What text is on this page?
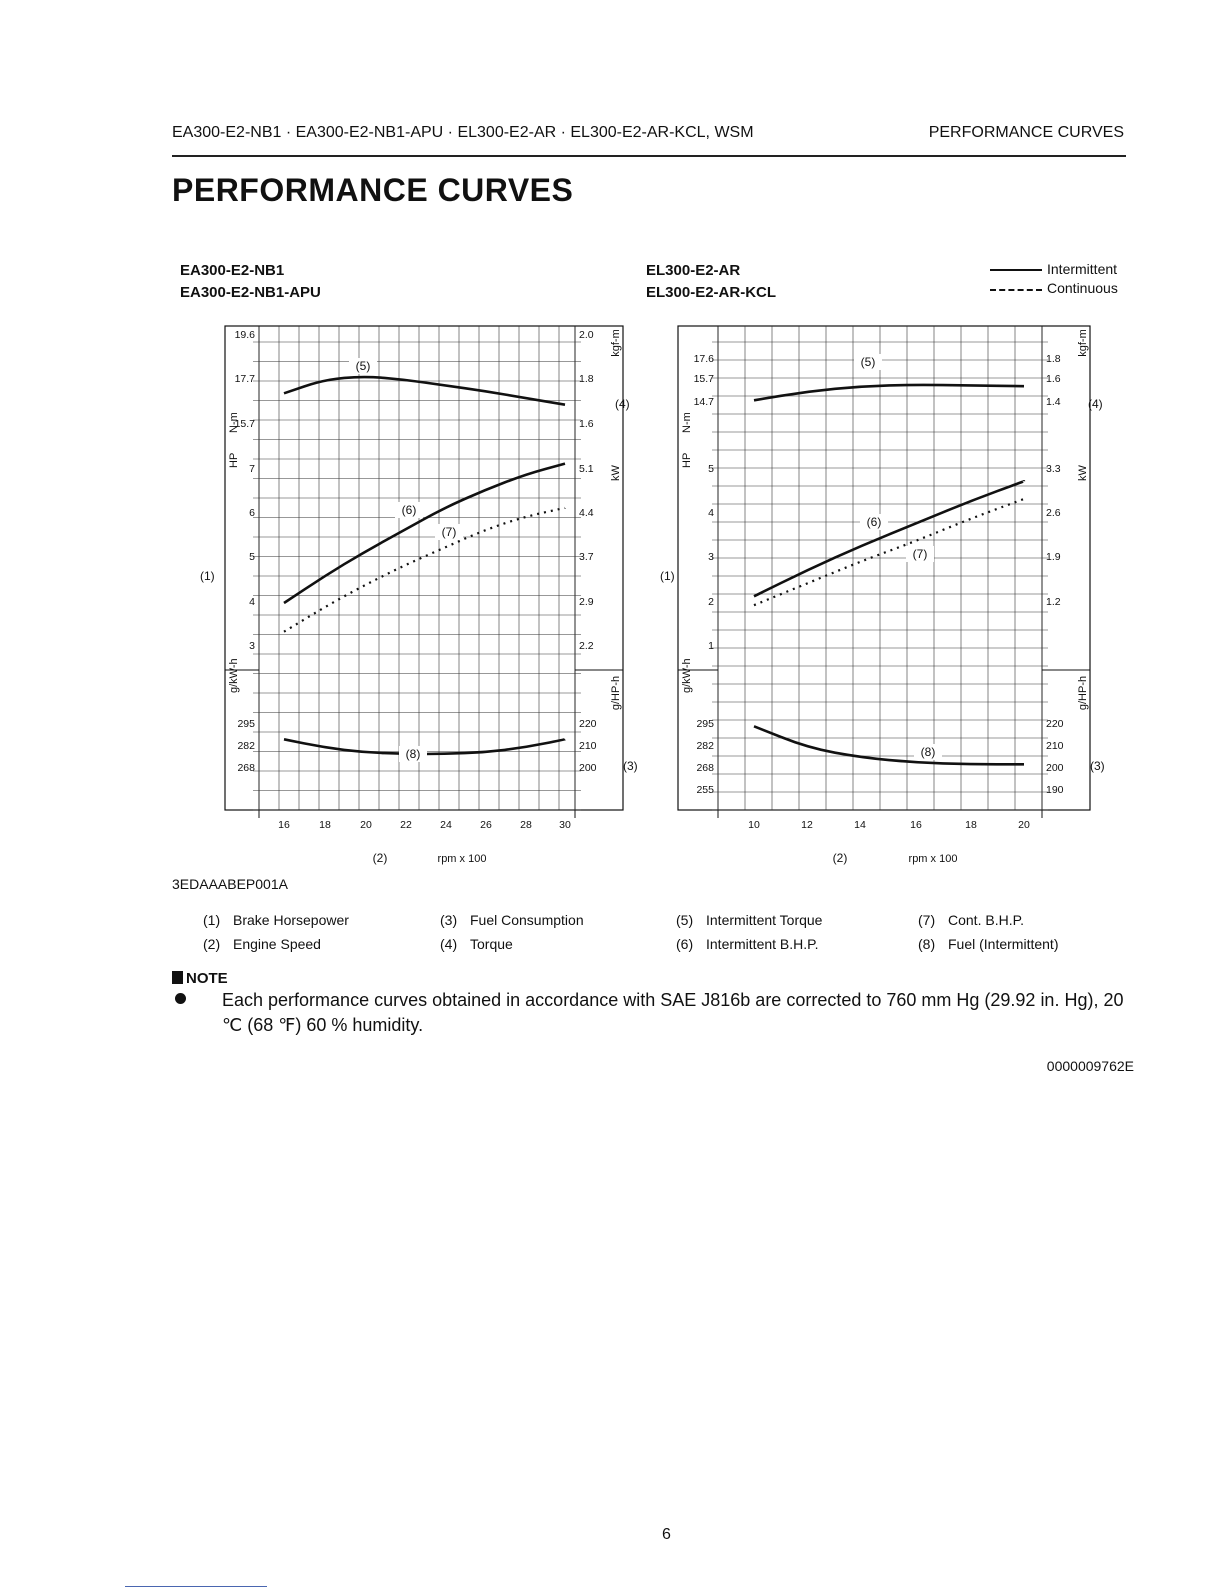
EA300-E2-NB1 · EA300-E2-NB1-APU · EL300-E2-AR · EL300-E2-AR-KCL, WSM	PERFORMANCE CURVES
PERFORMANCE CURVES
EA300-E2-NB1
EA300-E2-NB1-APU
EL300-E2-AR
EL300-E2-AR-KCL
Intermittent
Continuous
19.6
17.7
15.7
2.0
1.8
1.6
N-m
kgf-m
7
6
5
4
3
5.1
4.4
3.7
2.9
2.2
HP
kW
295
282
268
220
210
200
g/kW-h	g/HP-h
16	18	20	22	24	26	28	30
(2)	rpm x 100
(1)
(4)
(3)
(5)
(6)
(7)
(8)
17.6
15.7
14.7
1.8
1.6
1.4
N-m
kgf-m
5
4
3
2
1
3.3
2.6
1.9
1.2
HP
kW
295
282
268
255
220
210
200
190
g/kW-h	g/HP-h
10	12	14	16	18	20
(2)	rpm x 100
(1)
(4)
(3)
(5)
(6)
(7)
(8)
3EDAAABEP001A
(1) Brake Horsepower
(2) Engine Speed
(3) Fuel Consumption
(4) Torque
(5) Intermittent Torque
(6) Intermittent B.H.P.
(7) Cont. B.H.P.
(8) Fuel (Intermittent)
NOTE
Each performance curves obtained in accordance with SAE J816b are corrected to 760 mm Hg (29.92 in. Hg), 20 ℃ (68 ℉) 60 % humidity.
0000009762E
6
